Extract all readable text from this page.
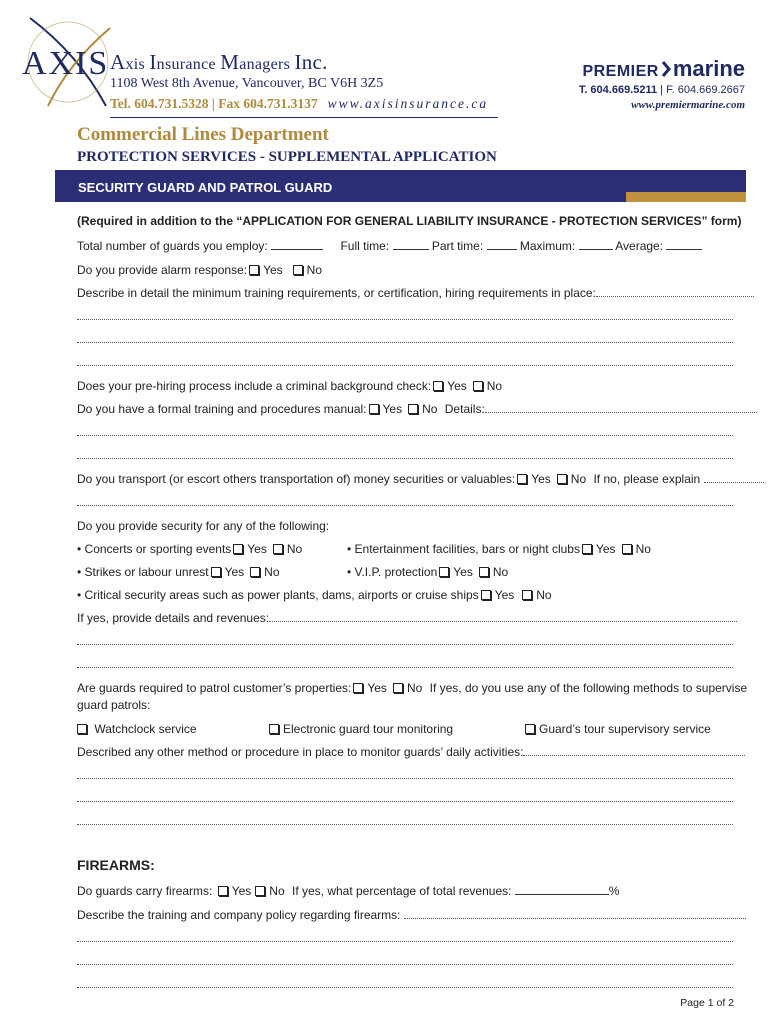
AXIS Axis Insurance Managers Inc.
1108 West 8th Avenue, Vancouver, BC V6H 3Z5
Tel. 604.731.5328 | Fax 604.731.3137 www.axisinsurance.ca
PREMIER marine
T. 604.669.5211 | F. 604.669.2667
www.premiermarine.com
Commercial Lines Department
PROTECTION SERVICES - SUPPLEMENTAL APPLICATION
SECURITY GUARD AND PATROL GUARD
(Required in addition to the “APPLICATION FOR GENERAL LIABILITY INSURANCE - PROTECTION SERVICES” form)
Total number of guards you employ:	Full time:	Part time:	Maximum:	Average:
Do you provide alarm response: Yes No
Describe in detail the minimum training requirements, or certification, hiring requirements in place:
Does your pre-hiring process include a criminal background check: Yes No
Do you have a formal training and procedures manual: Yes No Details:
Do you transport (or escort others transportation of) money securities or valuables: Yes No If no, please explain
Do you provide security for any of the following:
• Concerts or sporting events Yes No	• Entertainment facilities, bars or night clubs Yes No
• Strikes or labour unrest Yes No	• V.I.P. protection Yes No
• Critical security areas such as power plants, dams, airports or cruise ships Yes No
If yes, provide details and revenues:
Are guards required to patrol customer’s properties: Yes No If yes, do you use any of the following methods to supervise
guard patrols:
Watchclock service	Electronic guard tour monitoring	Guard’s tour supervisory service
Described any other method or procedure in place to monitor guards’ daily activities:
FIREARMS:
Do guards carry firearms: Yes No If yes, what percentage of total revenues:	%
Describe the training and company policy regarding firearms:
Page 1 of 2
